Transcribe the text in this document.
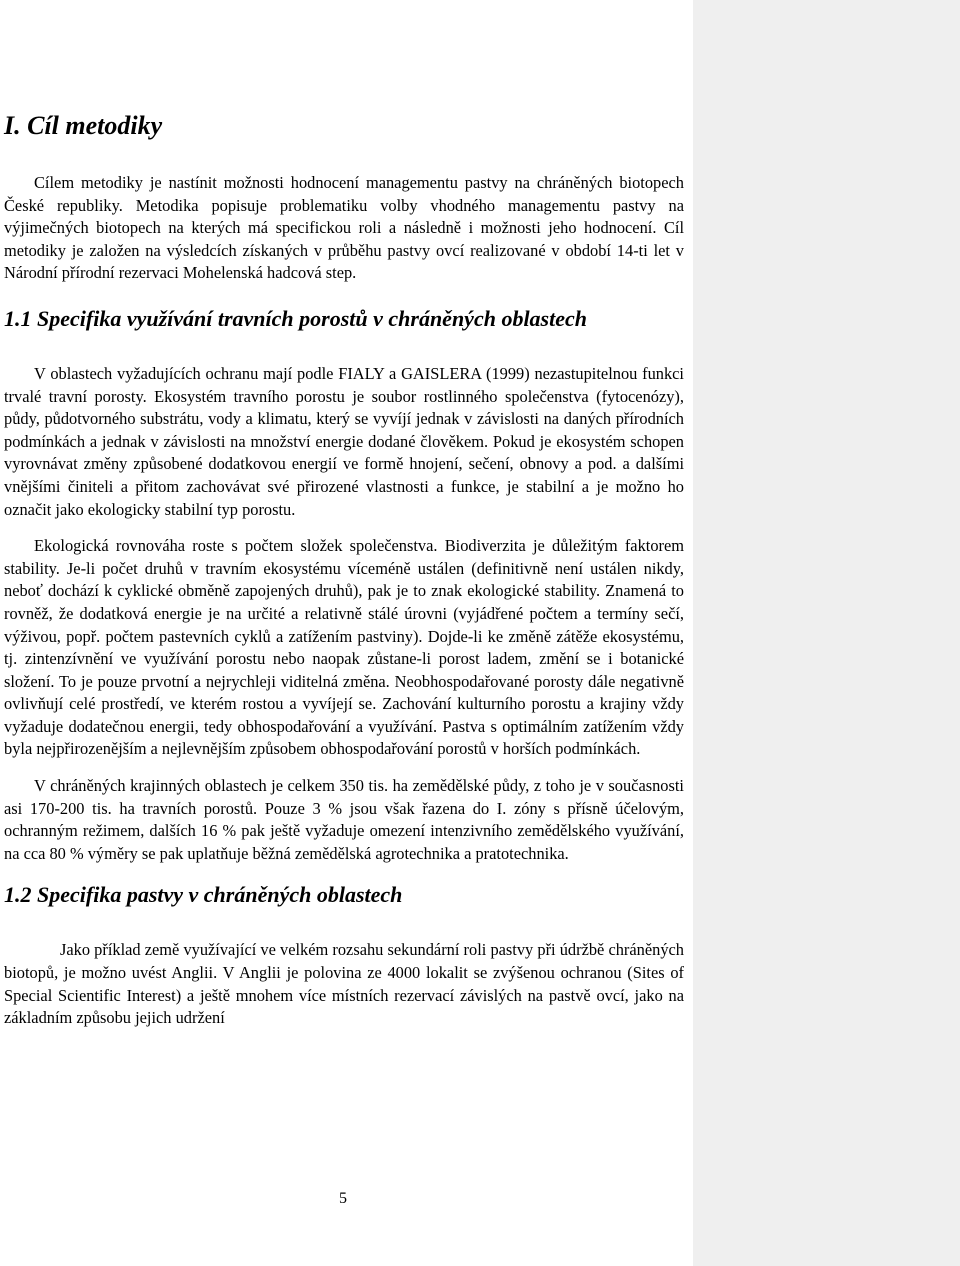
I. Cíl metodiky

Cílem metodiky je nastínit možnosti hodnocení managementu pastvy na chráněných biotopech České republiky. Metodika popisuje problematiku volby vhodného managementu pastvy na výjimečných biotopech na kterých má specifickou roli a následně i možnosti jeho hodnocení. Cíl metodiky je založen na výsledcích získaných v průběhu pastvy ovcí realizované v období 14-ti let v Národní přírodní rezervaci Mohelenská hadcová step.

1.1 Specifika využívání travních porostů v chráněných oblastech

V oblastech vyžadujících ochranu mají podle FIALY a GAISLERA (1999) nezastupitelnou funkci trvalé travní porosty. Ekosystém travního porostu je soubor rostlinného společenstva (fytocenózy), půdy, půdotvorného substrátu, vody a klimatu, který se vyvíjí jednak v závislosti na daných přírodních podmínkách a jednak v závislosti na množství energie dodané člověkem. Pokud je ekosystém schopen vyrovnávat změny způsobené dodatkovou energií ve formě hnojení, sečení, obnovy a pod. a dalšími vnějšími činiteli a přitom zachovávat své přirozené vlastnosti a funkce, je stabilní a je možno ho označit jako ekologicky stabilní typ porostu.

Ekologická rovnováha roste s počtem složek společenstva. Biodiverzita je důležitým faktorem stability. Je-li počet druhů v travním ekosystému víceméně ustálen (definitivně není ustálen nikdy, neboť dochází k cyklické obměně zapojených druhů), pak je to znak ekologické stability. Znamená to rovněž, že dodatková energie je na určité a relativně stálé úrovni (vyjádřené počtem a termíny sečí, výživou, popř. počtem pastevních cyklů a zatížením pastviny). Dojde-li ke změně zátěže ekosystému, tj. zintenzívnění ve využívání porostu nebo naopak zůstane-li porost ladem, změní se i botanické složení. To je pouze prvotní a nejrychleji viditelná změna. Neobhospodařované porosty dále negativně ovlivňují celé prostředí, ve kterém rostou a vyvíjejí se. Zachování kulturního porostu a krajiny vždy vyžaduje dodatečnou energii, tedy obhospodařování a využívání. Pastva s optimálním zatížením vždy byla nejpřirozenějším a nejlevnějším způsobem obhospodařování porostů v horších podmínkách.

V chráněných krajinných oblastech je celkem 350 tis. ha zemědělské půdy, z toho je v současnosti asi 170-200 tis. ha travních porostů. Pouze 3 % jsou však řazena do I. zóny s přísně účelovým, ochranným režimem, dalších 16 % pak ještě vyžaduje omezení intenzivního zemědělského využívání, na cca 80 % výměry se pak uplatňuje běžná zemědělská agrotechnika a pratotechnika.

1.2 Specifika pastvy v chráněných oblastech

Jako příklad země využívající ve velkém rozsahu sekundární roli pastvy při údržbě chráněných biotopů, je možno uvést Anglii. V Anglii je polovina ze 4000 lokalit se zvýšenou ochranou (Sites of Special Scientific Interest) a ještě mnohem více místních rezervací závislých na pastvě ovcí, jako na základním způsobu jejich udržení

5
